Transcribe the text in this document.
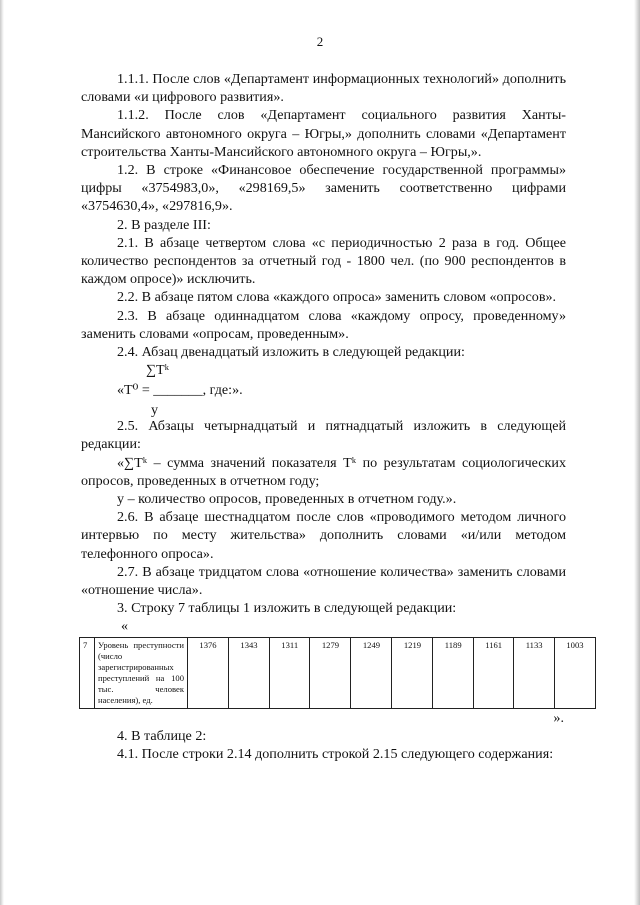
2

1.1.1. После слов «Департамент информационных технологий» дополнить словами «и цифрового развития».

1.1.2. После слов «Департамент социального развития Ханты-Мансийского автономного округа – Югры,» дополнить словами «Департамент строительства Ханты-Мансийского автономного округа – Югры,».

1.2. В строке «Финансовое обеспечение государственной программы» цифры «3754983,0», «298169,5» заменить соответственно цифрами «3754630,4», «297816,9».

2. В разделе III:

2.1. В абзаце четвертом слова «с периодичностью 2 раза в год. Общее количество респондентов за отчетный год - 1800 чел. (по 900 респондентов в каждом опросе)» исключить.

2.2. В абзаце пятом слова «каждого опроса» заменить словом «опросов».

2.3. В абзаце одиннадцатом слова «каждому опросу, проведенному» заменить словами «опросам, проведенным».

2.4. Абзац двенадцатый изложить в следующей редакции:

∑Tᵏ
«Т⁰ = _______, где:».
y

2.5. Абзацы четырнадцатый и пятнадцатый изложить в следующей редакции:

«∑Tᵏ – сумма значений показателя Tᵏ по результатам социологических опросов, проведенных в отчетном году;

y – количество опросов, проведенных в отчетном году.».

2.6. В абзаце шестнадцатом после слов «проводимого методом личного интервью по месту жительства» дополнить словами «и/или методом телефонного опроса».

2.7. В абзаце тридцатом слова «отношение количества» заменить словами «отношение числа».

3. Строку 7 таблицы 1 изложить в следующей редакции:

«

7	Уровень преступности (число зарегистрированных преступлений на 100 тыс. человек населения), ед.	1376	1343	1311	1279	1249	1219	1189	1161	1133	1003

».

4. В таблице 2:

4.1. После строки 2.14 дополнить строкой 2.15 следующего содержания:
